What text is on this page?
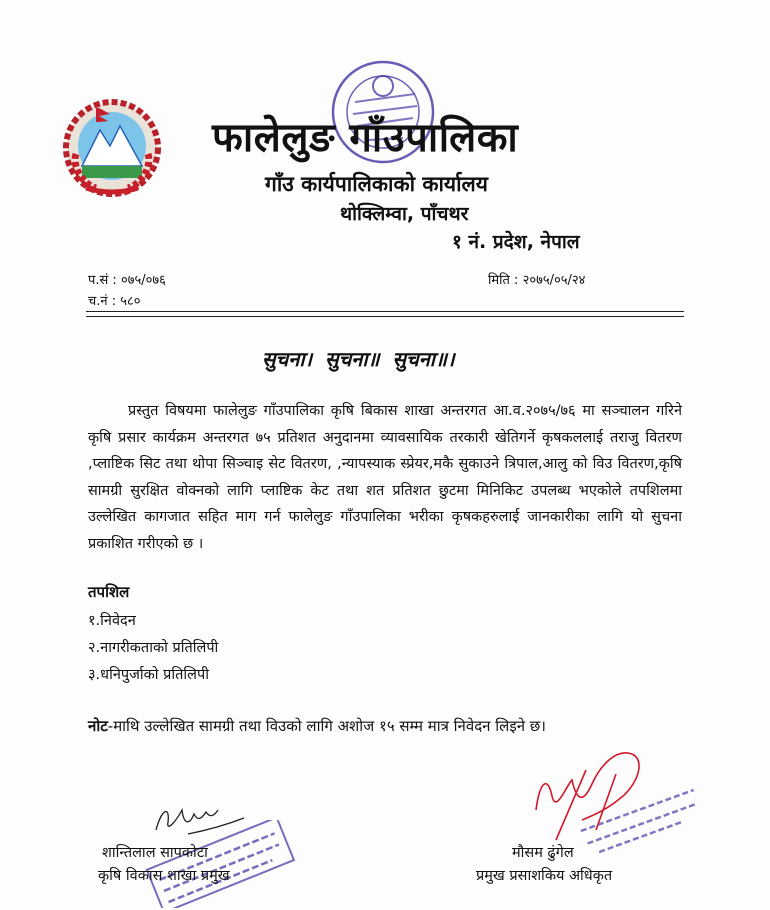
फालेलुङ गाँउपालिका
गाँउ कार्यपालिकाको कार्यालय
थोक्लिम्वा, पाँचथर
१ नं. प्रदेश, नेपाल
प.सं : ०७५/०७६
च.नं : ५८०
मिति : २०७५/०५/२४
सुचना। सुचना॥ सुचना॥।

प्रस्तुत विषयमा फालेलुङ गाँउपालिका कृषि बिकास शाखा अन्तरगत आ.व.२०७५/७६ मा सञ्चालन गरिने कृषि प्रसार कार्यक्रम अन्तरगत ७५ प्रतिशत अनुदानमा व्यावसायिक तरकारी खेतिगर्ने कृषकललाई तराजु वितरण ,प्लाष्टिक सिट तथा थोपा सिञ्चाइ सेट वितरण, ,न्यापस्याक स्प्रेयर,मकै सुकाउने त्रिपाल,आलु को विउ वितरण,कृषि सामग्री सुरक्षित वोक्नको लागि प्लाष्टिक केट तथा शत प्रतिशत छुटमा मिनिकिट उपलब्ध भएकोले तपशिलमा उल्लेखित कागजात सहित माग गर्न फालेलुङ गाँउपालिका भरीका कृषकहरुलाई जानकारीका लागि यो सुचना प्रकाशित गरीएको छ ।

तपशिल
१.निवेदन
२.नागरीकताको प्रतिलिपी
३.धनिपुर्जाको प्रतिलिपी
नोट-माथि उल्लेखित सामग्री तथा विउको लागि अशोज १५ सम्म मात्र निवेदन लिइने छ।
शान्तिलाल सापकोटा
कृषि विकास शाखा प्रमुख
मौसम ढुंगेल
प्रमुख प्रसाशकिय अधिकृत
